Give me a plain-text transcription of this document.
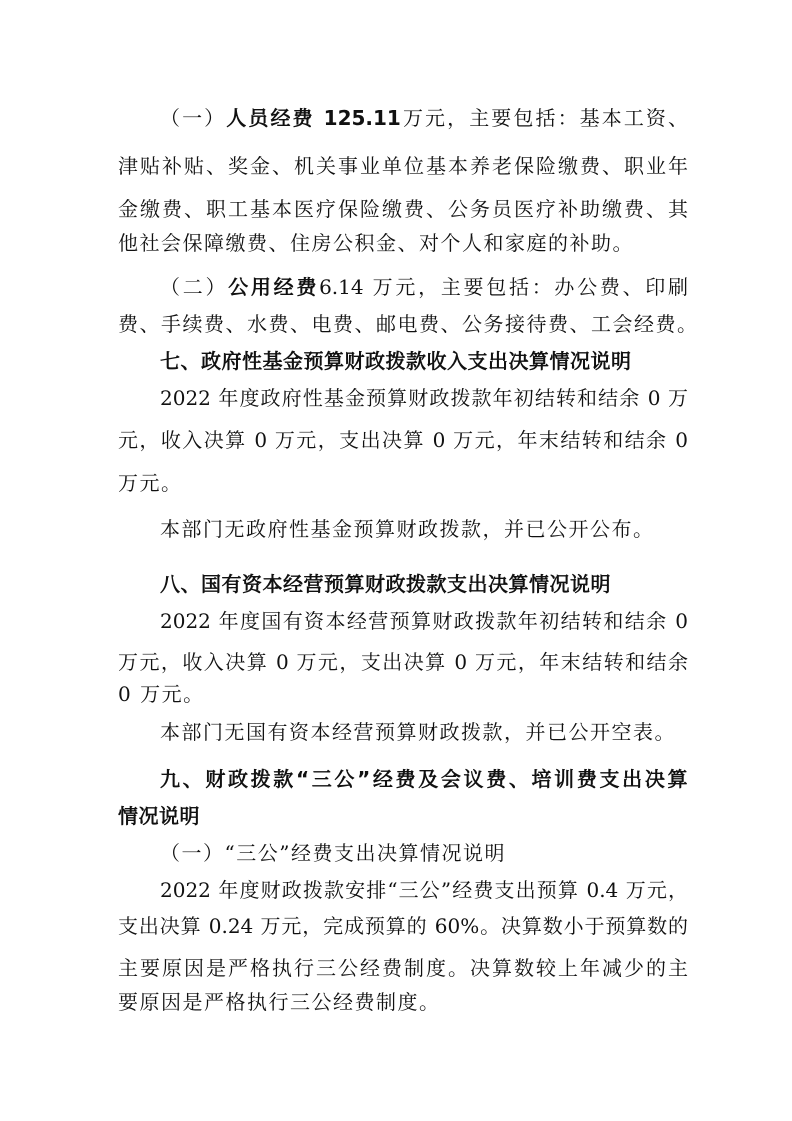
（一）人员经费 125.11万元，主要包括：基本工资、
津贴补贴、奖金、机关事业单位基本养老保险缴费、职业年
金缴费、职工基本医疗保险缴费、公务员医疗补助缴费、其
他社会保障缴费、住房公积金、对个人和家庭的补助。
（二）公用经费6.14 万元，主要包括：办公费、印刷
费、手续费、水费、电费、邮电费、公务接待费、工会经费。
七、政府性基金预算财政拨款收入支出决算情况说明
2022 年度政府性基金预算财政拨款年初结转和结余 0 万
元，收入决算 0 万元，支出决算 0 万元，年末结转和结余 0
万元。
本部门无政府性基金预算财政拨款，并已公开公布。
八、国有资本经营预算财政拨款支出决算情况说明
2022 年度国有资本经营预算财政拨款年初结转和结余 0
万元，收入决算 0 万元，支出决算 0 万元，年末结转和结余
0 万元。
本部门无国有资本经营预算财政拨款，并已公开空表。
九、财政拨款“三公”经费及会议费、培训费支出决算
情况说明
（一）“三公”经费支出决算情况说明
2022 年度财政拨款安排“三公”经费支出预算 0.4 万元，
支出决算 0.24 万元，完成预算的 60%。决算数小于预算数的
主要原因是严格执行三公经费制度。决算数较上年减少的主
要原因是严格执行三公经费制度。
